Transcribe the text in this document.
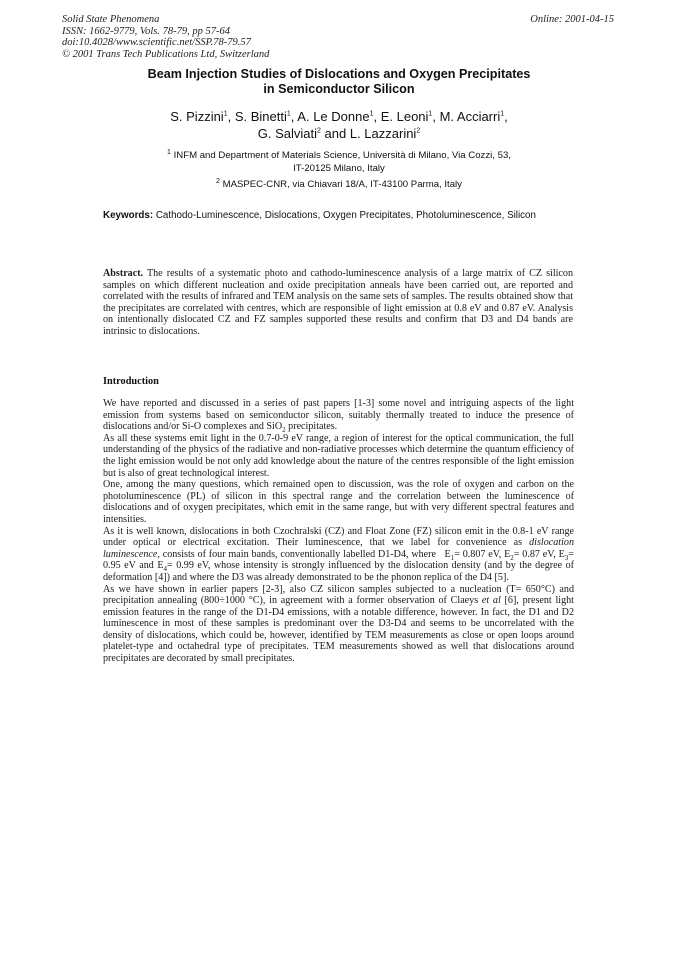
Solid State Phenomena
ISSN: 1662-9779, Vols. 78-79, pp 57-64
doi:10.4028/www.scientific.net/SSP.78-79.57
© 2001 Trans Tech Publications Ltd, Switzerland
Online: 2001-04-15
Beam Injection Studies of Dislocations and Oxygen Precipitates
in Semiconductor Silicon
S. Pizzini$^1$, S. Binetti$^1$, A. Le Donne$^1$, E. Leoni$^1$, M. Acciarri$^1$,
G. Salviati$^2$ and L. Lazzarini$^2$
$^1$ INFM and Department of Materials Science, Università di Milano, Via Cozzi, 53,
IT-20125 Milano, Italy
$^2$ MASPEC-CNR, via Chiavari 18/A, IT-43100 Parma, Italy
Keywords: Cathodo-Luminescence, Dislocations, Oxygen Precipitates, Photoluminescence, Silicon
Abstract. The results of a systematic photo and cathodo-luminescence analysis of a large matrix of CZ silicon samples on which different nucleation and oxide precipitation anneals have been carried out, are reported and correlated with the results of infrared and TEM analysis on the same sets of samples. The results obtained show that the precipitates are correlated with centres, which are responsible of light emission at 0.8 eV and 0.87 eV. Analysis on intentionally dislocated CZ and FZ samples supported these results and confirm that D3 and D4 bands are intrinsic to dislocations.
Introduction

We have reported and discussed in a series of past papers [1-3] some novel and intriguing aspects of the light emission from systems based on semiconductor silicon, suitably thermally treated to induce the presence of dislocations and/or Si-O complexes and SiO$_2$ precipitates.

As all these systems emit light in the 0.7-0-9 eV range, a region of interest for the optical communication, the full understanding of the physics of the radiative and non-radiative processes which determine the quantum efficiency of the light emission would be not only add knowledge about the nature of the centres responsible of the light emission but is also of great technological interest.

One, among the many questions, which remained open to discussion, was the role of oxygen and carbon on the photoluminescence (PL) of silicon in this spectral range and the correlation between the luminescence of dislocations and of oxygen precipitates, which emit in the same range, but with very different spectral features and intensities.

As it is well known, dislocations in both Czochralski (CZ) and Float Zone (FZ) silicon emit in the 0.8-1 eV range under optical or electrical excitation. Their luminescence, that we label for convenience as dislocation luminescence, consists of four main bands, conventionally labelled D1-D4, where   $E_1= 0.807$ eV, $E_2= 0.87$ eV, $E_3= 0.95$ eV and $E_4= 0.99$ eV, whose intensity is strongly influenced by the dislocation density (and by the degree of deformation [4]) and where the D3 was already demonstrated to be the phonon replica of the D4 [5].

As we have shown in earlier papers [2-3], also CZ silicon samples subjected to a nucleation (T= 650°C) and precipitation annealing (800÷1000 °C), in agreement with a former observation of Claeys et al [6], present light emission features in the range of the D1-D4 emissions, with a notable difference, however. In fact, the D1 and D2 luminescence in most of these samples is predominant over the D3-D4 and seems to be uncorrelated with the density of dislocations, which could be, however, identified by TEM measurements as close or open loops around platelet-type and octahedral type of precipitates. TEM measurements showed as well that dislocations around precipitates are decorated by small precipitates.
